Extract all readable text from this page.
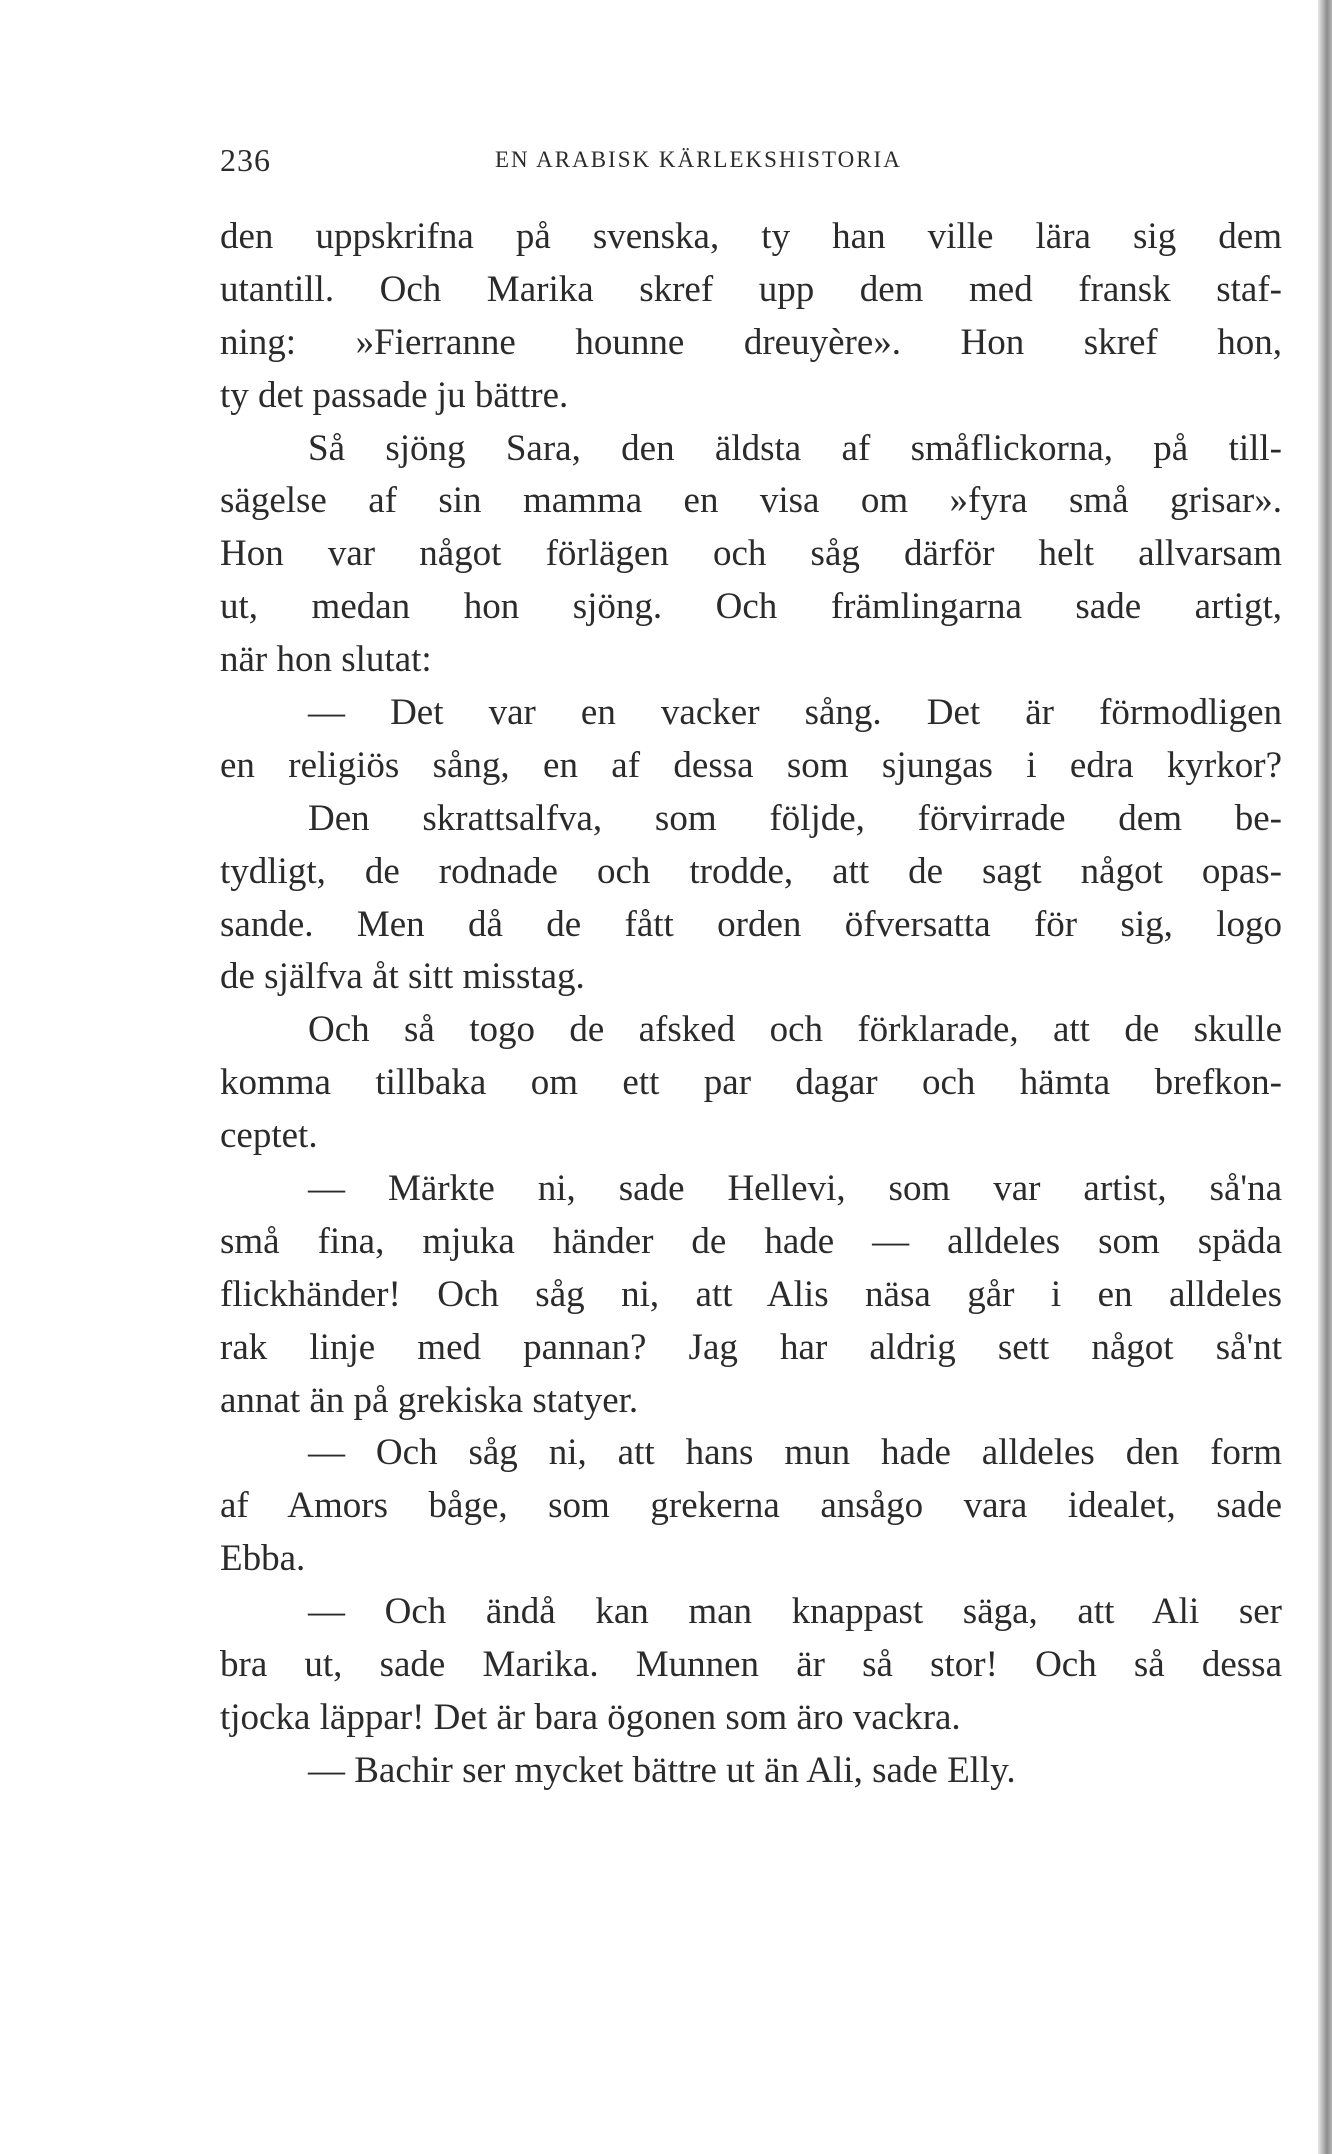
236	EN ARABISK KÄRLEKSHISTORIA
den uppskrifna på svenska, ty han ville lära sig dem
utantill. Och Marika skref upp dem med fransk staf-
ning: »Fierranne hounne dreuyère». Hon skref hon,
ty det passade ju bättre.
Så sjöng Sara, den äldsta af småflickorna, på till-
sägelse af sin mamma en visa om »fyra små grisar».
Hon var något förlägen och såg därför helt allvarsam
ut, medan hon sjöng. Och främlingarna sade artigt,
när hon slutat:
— Det var en vacker sång. Det är förmodligen
en religiös sång, en af dessa som sjungas i edra kyrkor?
Den skrattsalfva, som följde, förvirrade dem be-
tydligt, de rodnade och trodde, att de sagt något opas-
sande. Men då de fått orden öfversatta för sig, logo
de själfva åt sitt misstag.
Och så togo de afsked och förklarade, att de skulle
komma tillbaka om ett par dagar och hämta brefkon-
ceptet.
— Märkte ni, sade Hellevi, som var artist, så'na
små fina, mjuka händer de hade — alldeles som späda
flickhänder! Och såg ni, att Alis näsa går i en alldeles
rak linje med pannan? Jag har aldrig sett något så'nt
annat än på grekiska statyer.
— Och såg ni, att hans mun hade alldeles den form
af Amors båge, som grekerna ansågo vara idealet, sade
Ebba.
— Och ändå kan man knappast säga, att Ali ser
bra ut, sade Marika. Munnen är så stor! Och så dessa
tjocka läppar! Det är bara ögonen som äro vackra.
— Bachir ser mycket bättre ut än Ali, sade Elly.
